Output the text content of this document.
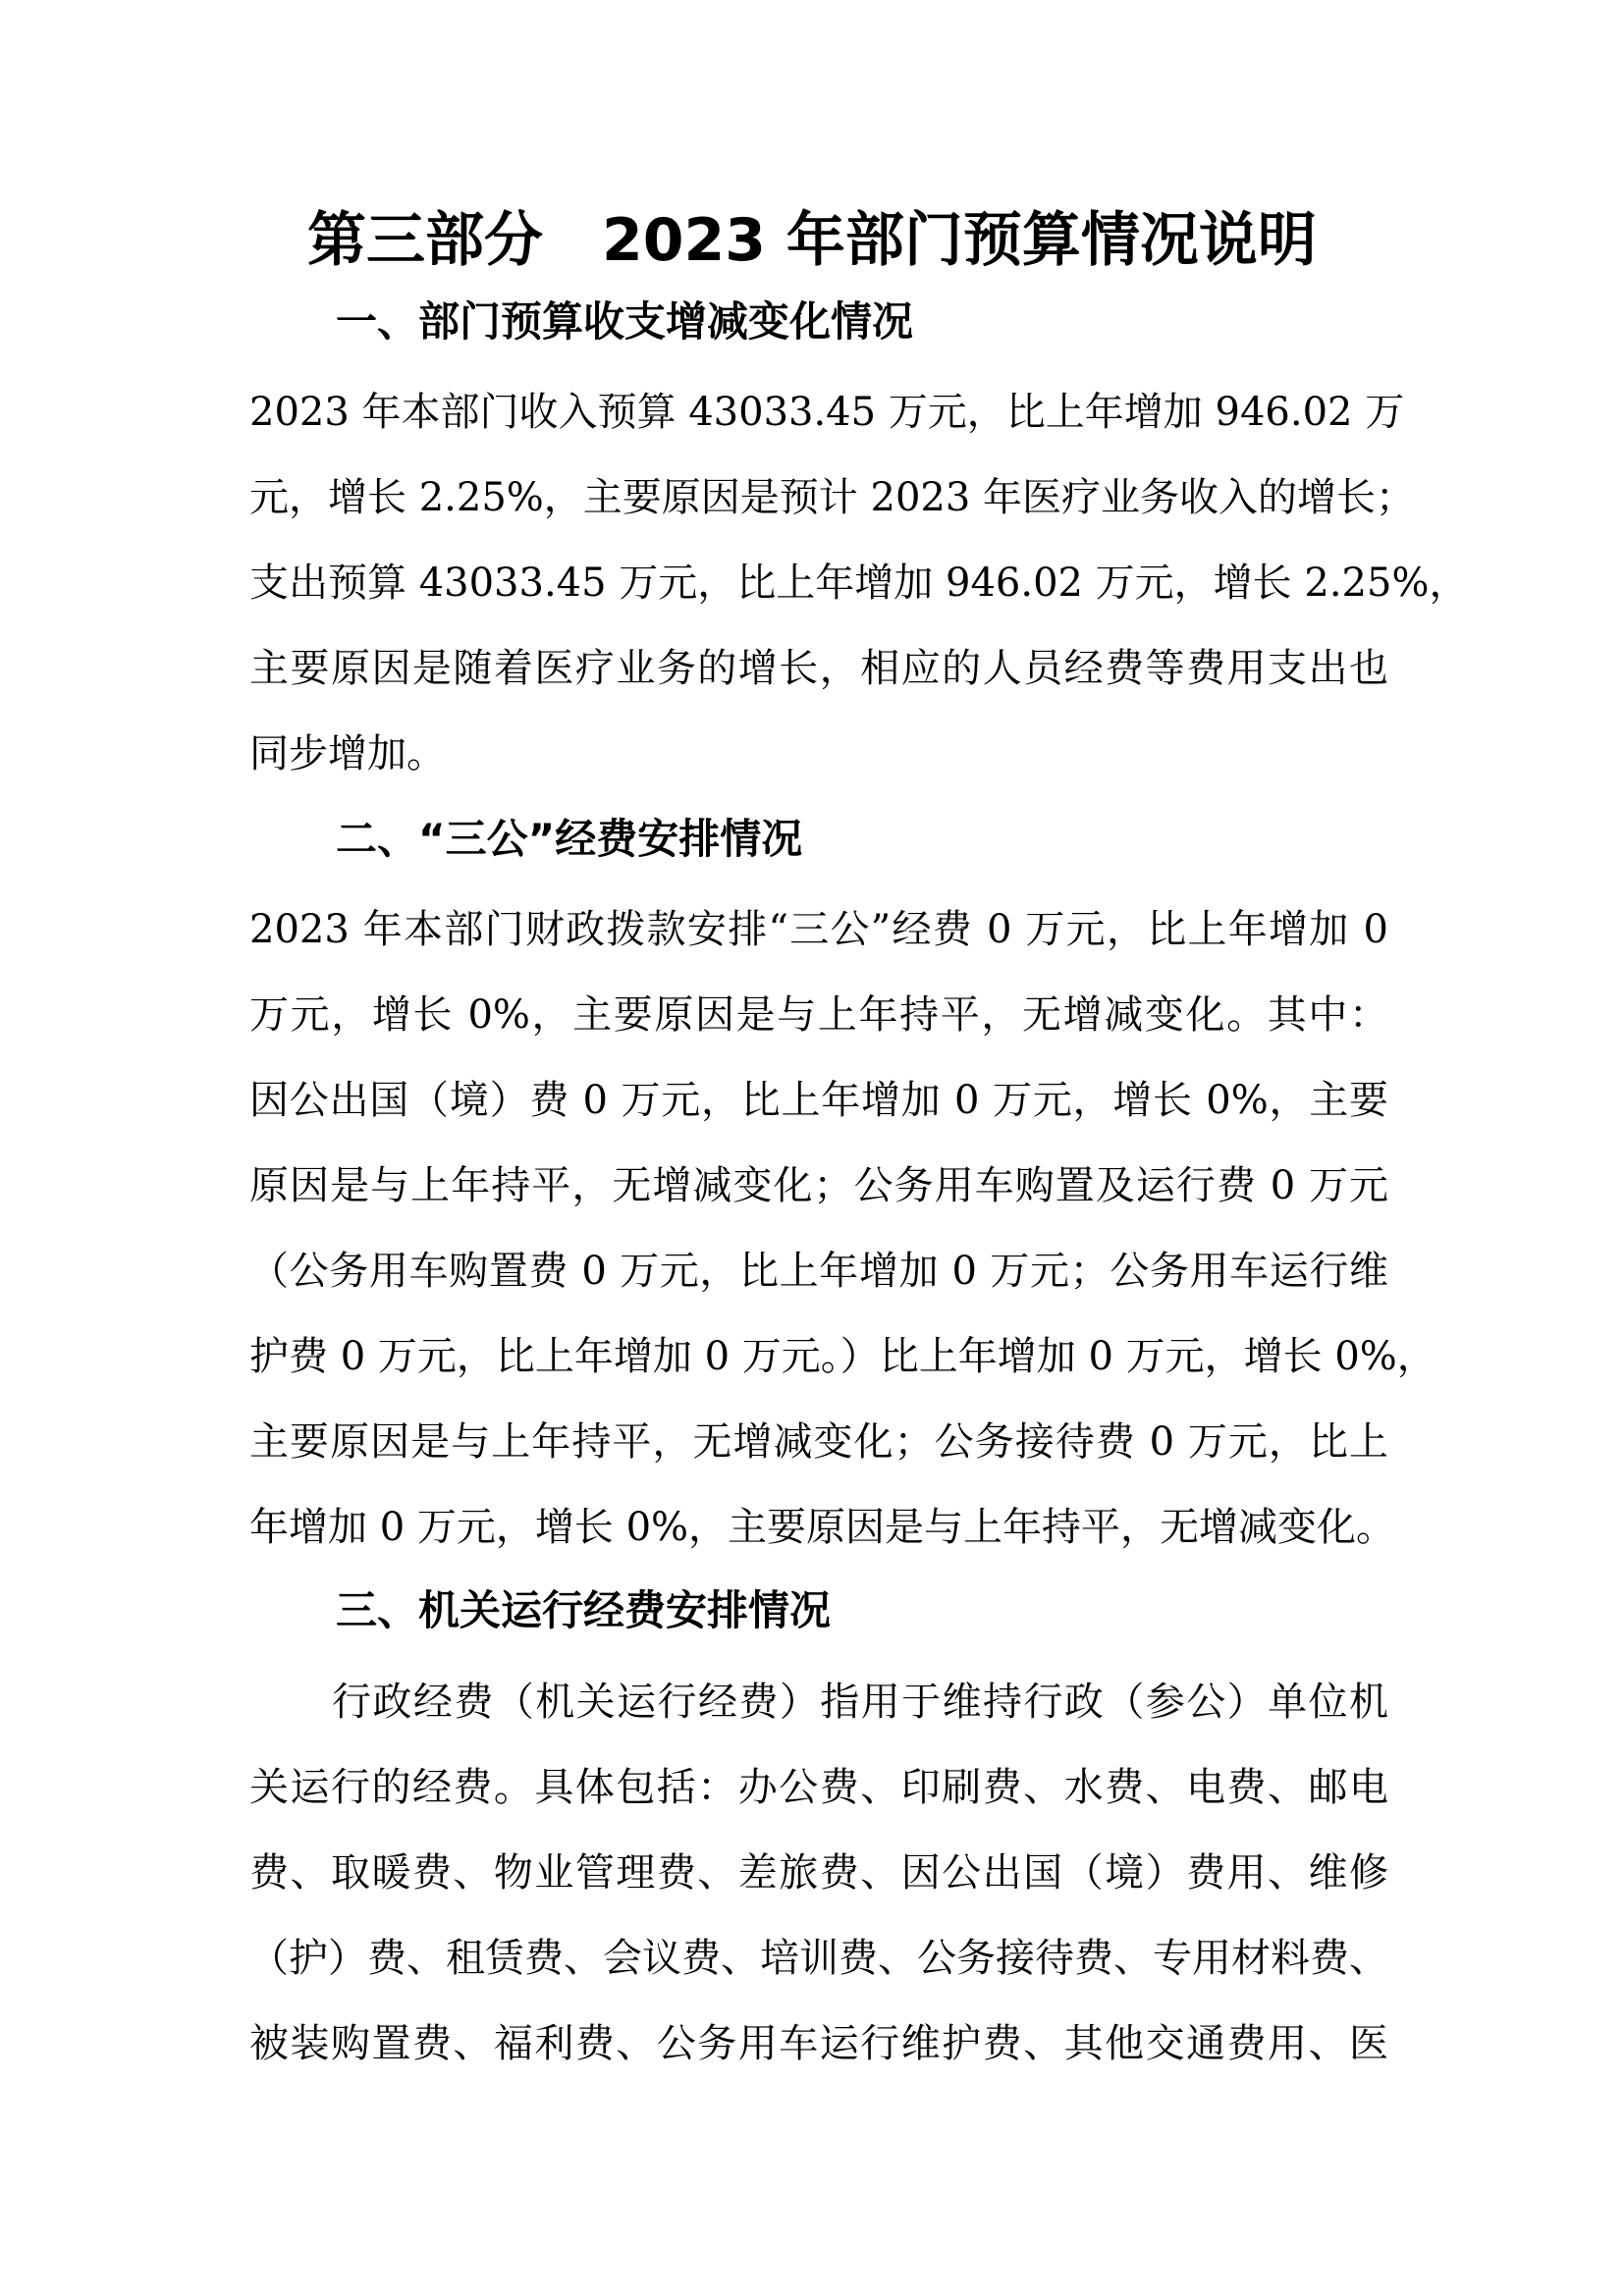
第三部分　2023 年部门预算情况说明
一、部门预算收支增减变化情况
2023 年本部门收入预算 43033.45 万元，比上年增加 946.02 万
元，增长 2.25%，主要原因是预计 2023 年医疗业务收入的增长；
支出预算 43033.45 万元，比上年增加 946.02 万元，增长 2.25%，
主要原因是随着医疗业务的增长，相应的人员经费等费用支出也
同步增加。
二、“三公”经费安排情况
2023 年本部门财政拨款安排“三公”经费 0 万元，比上年增加 0
万元，增长 0%，主要原因是与上年持平，无增减变化。其中：
因公出国（境）费 0 万元，比上年增加 0 万元，增长 0%，主要
原因是与上年持平，无增减变化；公务用车购置及运行费 0 万元
（公务用车购置费 0 万元，比上年增加 0 万元；公务用车运行维
护费 0 万元，比上年增加 0 万元。）比上年增加 0 万元，增长 0%，
主要原因是与上年持平，无增减变化；公务接待费 0 万元，比上
年增加 0 万元，增长 0%，主要原因是与上年持平，无增减变化。
三、机关运行经费安排情况
行政经费（机关运行经费）指用于维持行政（参公）单位机
关运行的经费。具体包括：办公费、印刷费、水费、电费、邮电
费、取暖费、物业管理费、差旅费、因公出国（境）费用、维修
（护）费、租赁费、会议费、培训费、公务接待费、专用材料费、
被装购置费、福利费、公务用车运行维护费、其他交通费用、医
